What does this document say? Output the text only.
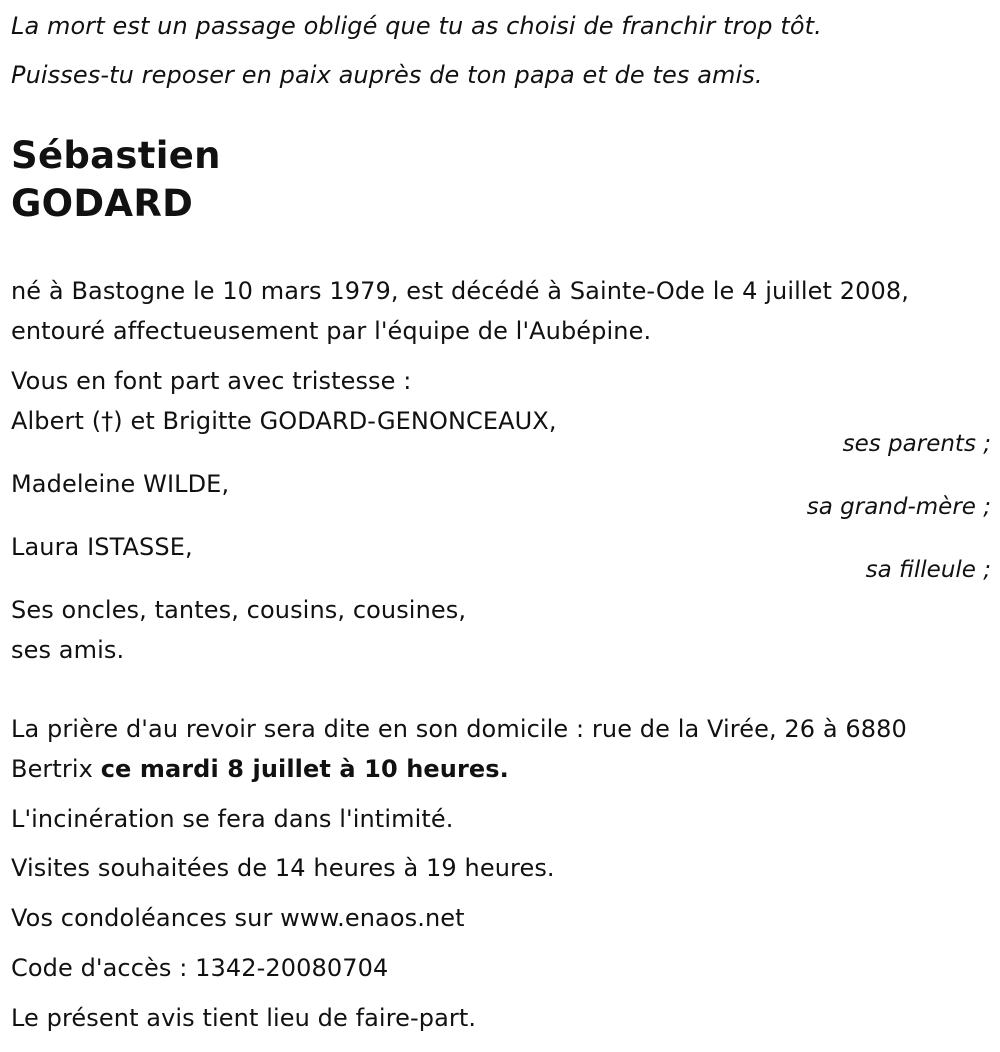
La mort est un passage obligé que tu as choisi de franchir trop tôt.
Puisses-tu reposer en paix auprès de ton papa et de tes amis.
Sébastien
GODARD
né à Bastogne le 10 mars 1979, est décédé à Sainte-Ode le 4 juillet 2008,
entouré affectueusement par l'équipe de l'Aubépine.
Vous en font part avec tristesse :
Albert (†) et Brigitte GODARD-GENONCEAUX,
ses parents ;
Madeleine WILDE,
sa grand-mère ;
Laura ISTASSE,
sa filleule ;
Ses oncles, tantes, cousins, cousines,
ses amis.
La prière d'au revoir sera dite en son domicile : rue de la Virée, 26 à 6880
Bertrix ce mardi 8 juillet à 10 heures.
L'incinération se fera dans l'intimité.
Visites souhaitées de 14 heures à 19 heures.
Vos condoléances sur www.enaos.net
Code d'accès : 1342-20080704
Le présent avis tient lieu de faire-part.
